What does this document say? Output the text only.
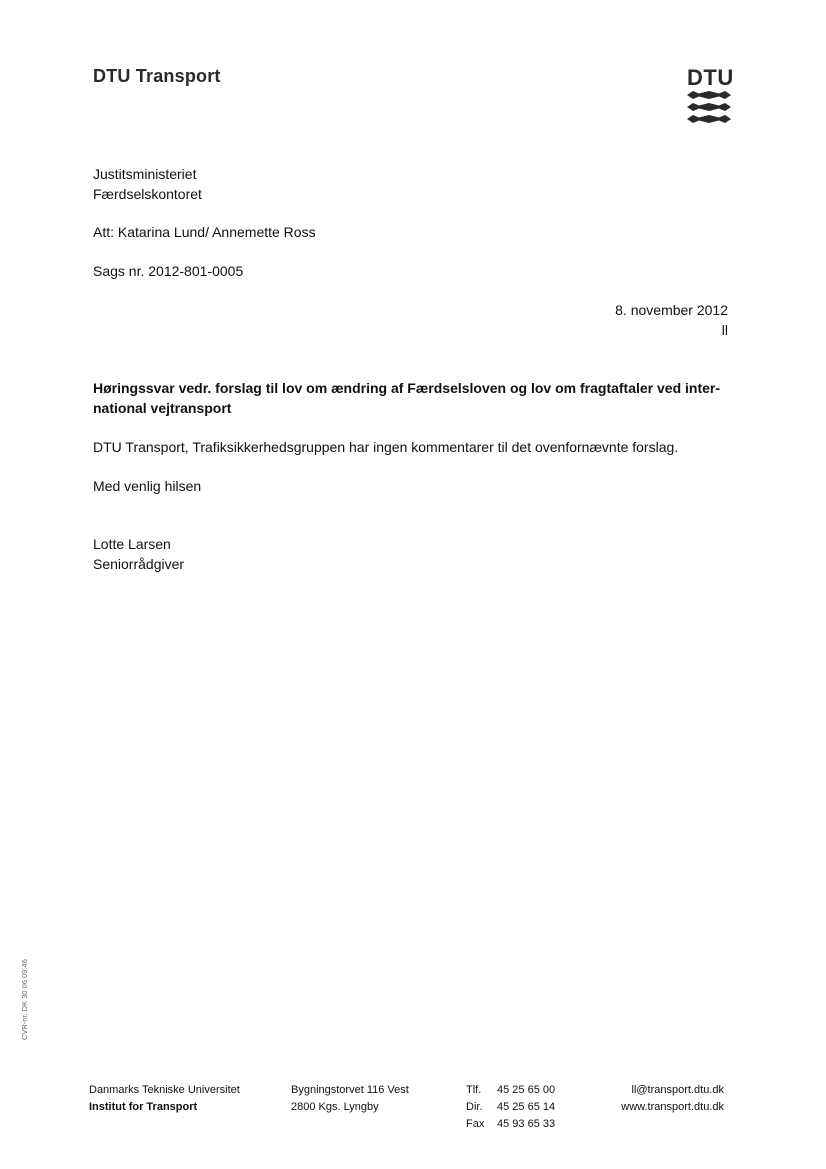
DTU Transport	DTU
Justitsministeriet
Færdselskontoret
Att: Katarina Lund/ Annemette Ross
Sags nr. 2012-801-0005
8. november 2012
ll
Høringssvar vedr. forslag til lov om ændring af Færdselsloven og lov om fragtaftaler ved inter-national vejtransport
DTU Transport, Trafiksikkerhedsgruppen har ingen kommentarer til det ovenfornævnte forslag.
Med venlig hilsen
Lotte Larsen
Seniorrådgiver
CVR-nr. DK 30 06 09 46
Danmarks Tekniske Universitet
Institut for Transport
Bygningstorvet 116 Vest
2800 Kgs. Lyngby
Tlf.	45 25 65 00
Dir.	45 25 65 14
Fax	45 93 65 33
ll@transport.dtu.dk
www.transport.dtu.dk
